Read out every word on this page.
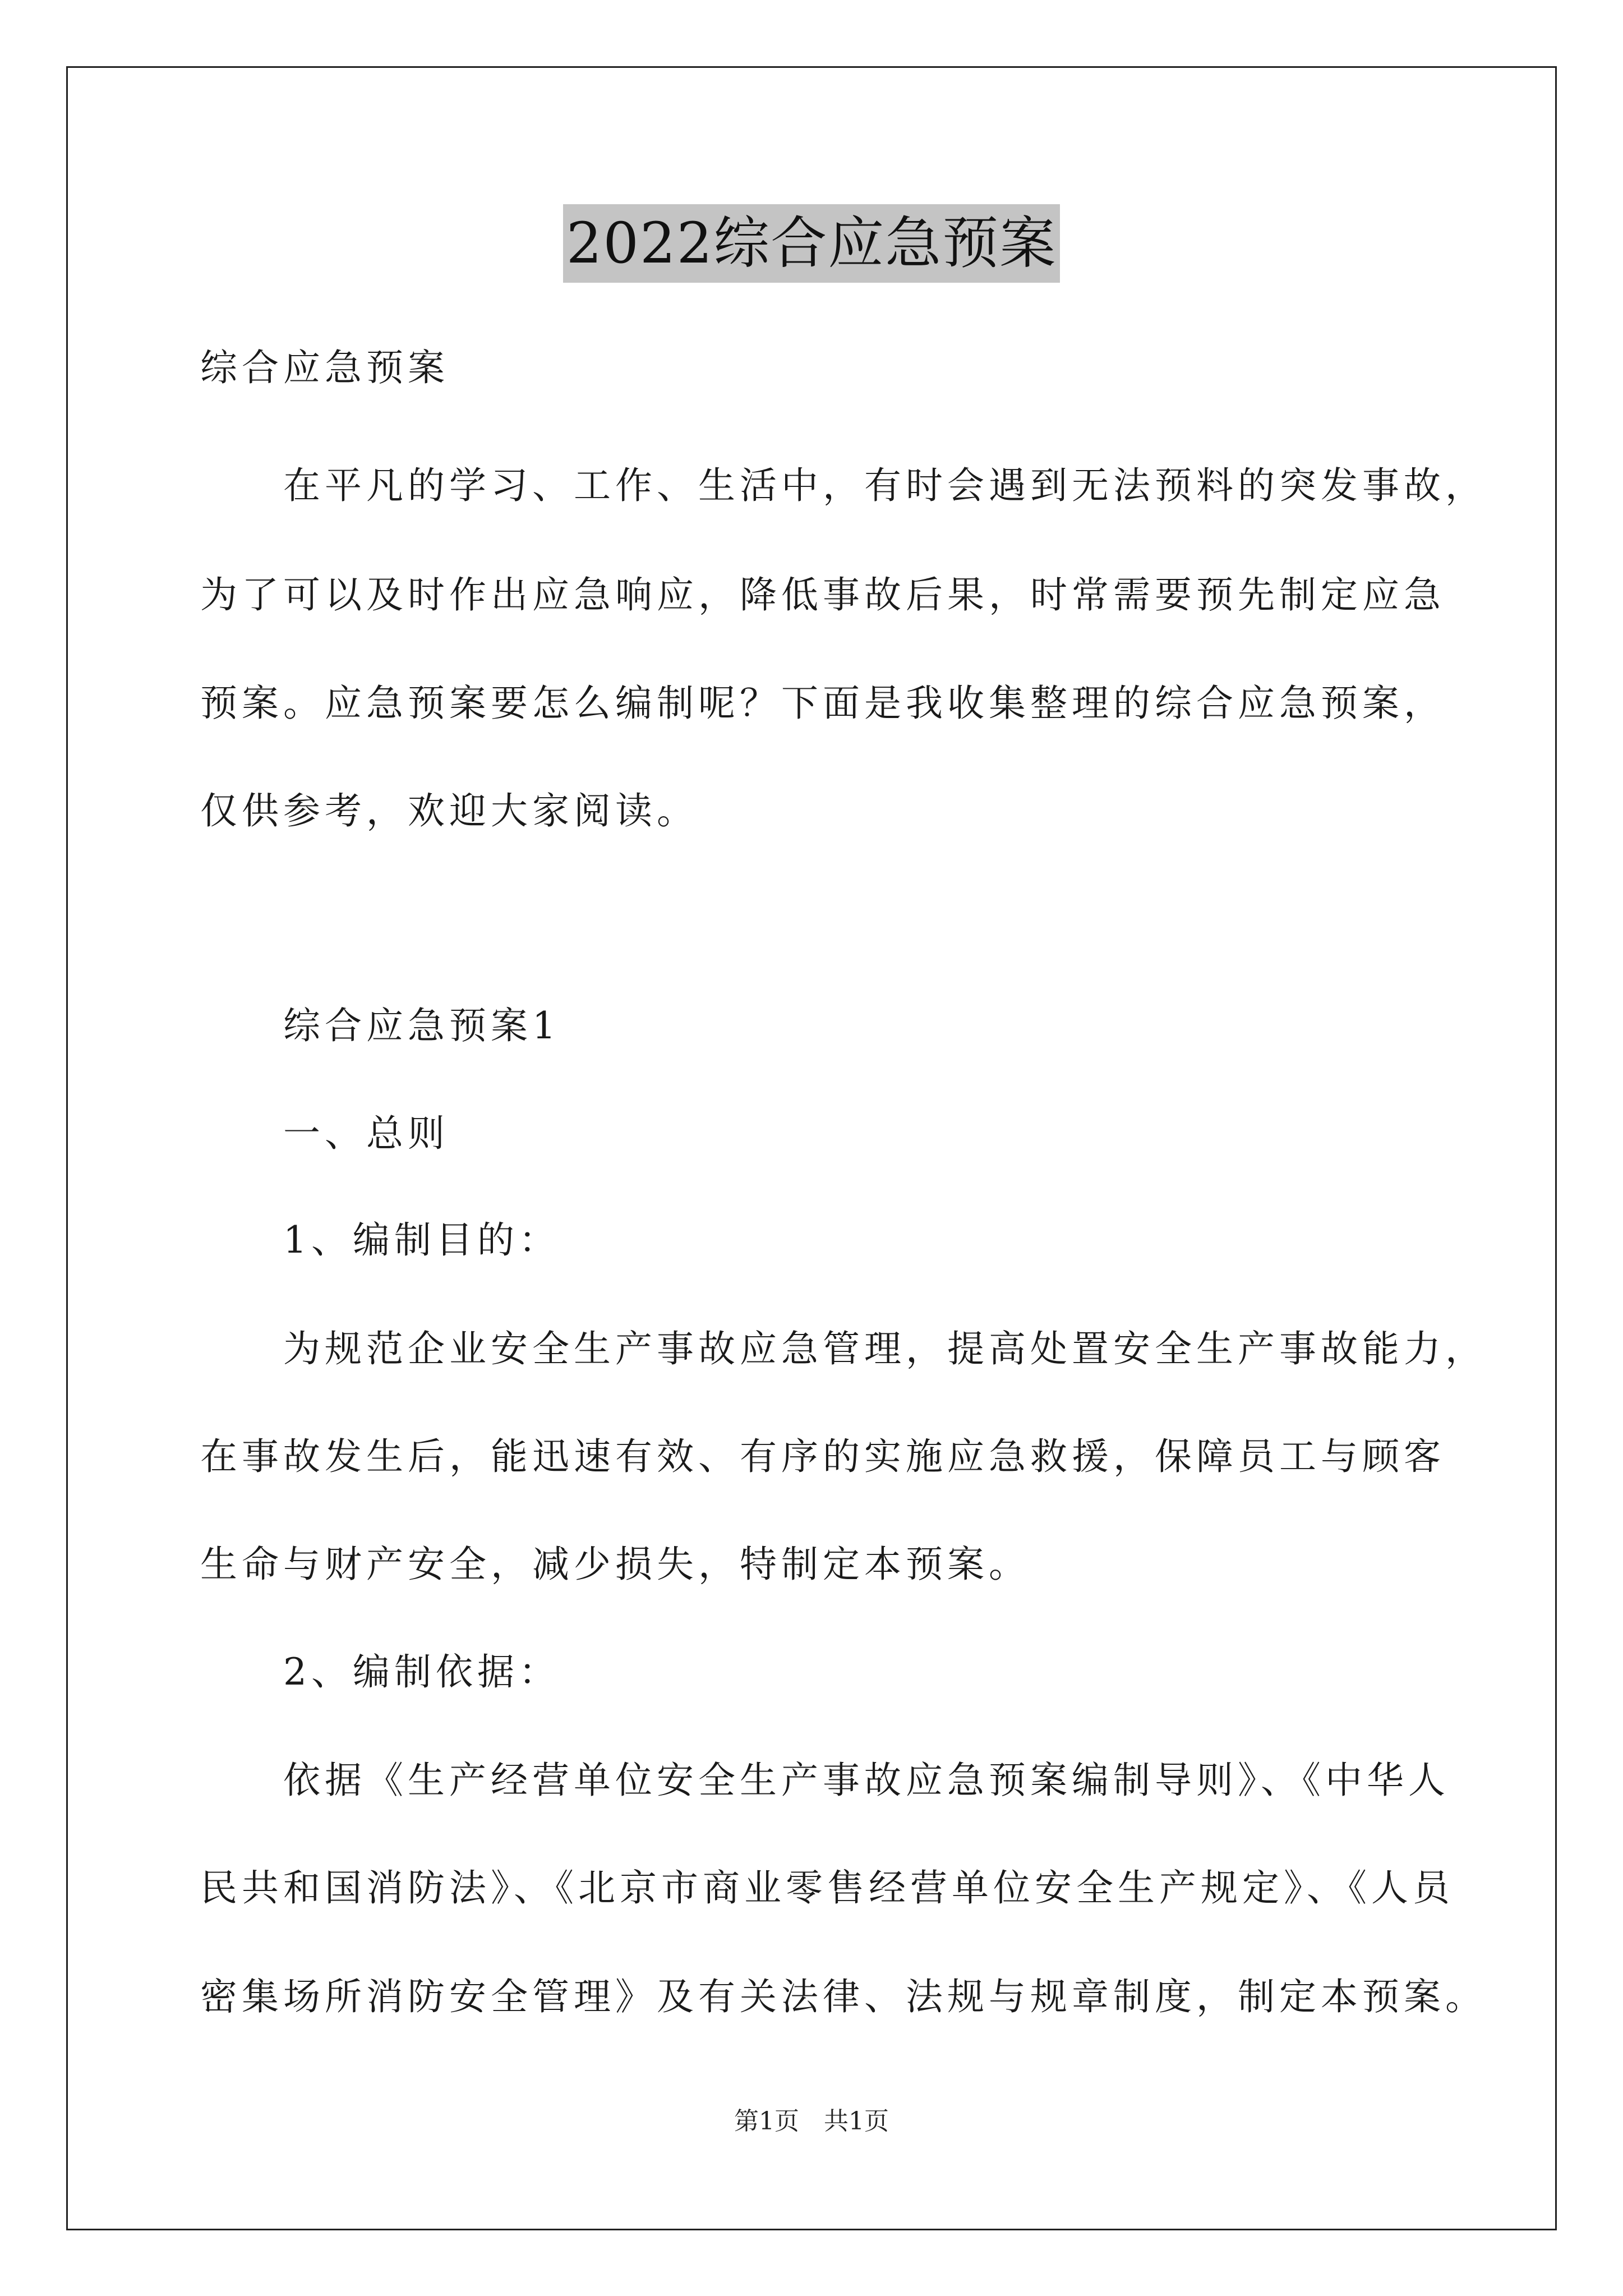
2022综合应急预案
综合应急预案
　　在平凡的学习、工作、生活中，有时会遇到无法预料的突发事故，
为了可以及时作出应急响应，降低事故后果，时常需要预先制定应急
预案。应急预案要怎么编制呢？下面是我收集整理的综合应急预案，
仅供参考，欢迎大家阅读。
　　综合应急预案1
　　一、总则
　　1、编制目的：
　　为规范企业安全生产事故应急管理，提高处置安全生产事故能力，
在事故发生后，能迅速有效、有序的实施应急救援，保障员工与顾客
生命与财产安全，减少损失，特制定本预案。
　　2、编制依据：
　　依据《生产经营单位安全生产事故应急预案编制导则》、《中华人
民共和国消防法》、《北京市商业零售经营单位安全生产规定》、《人员
密集场所消防安全管理》及有关法律、法规与规章制度，制定本预案。
第1页　共1页
